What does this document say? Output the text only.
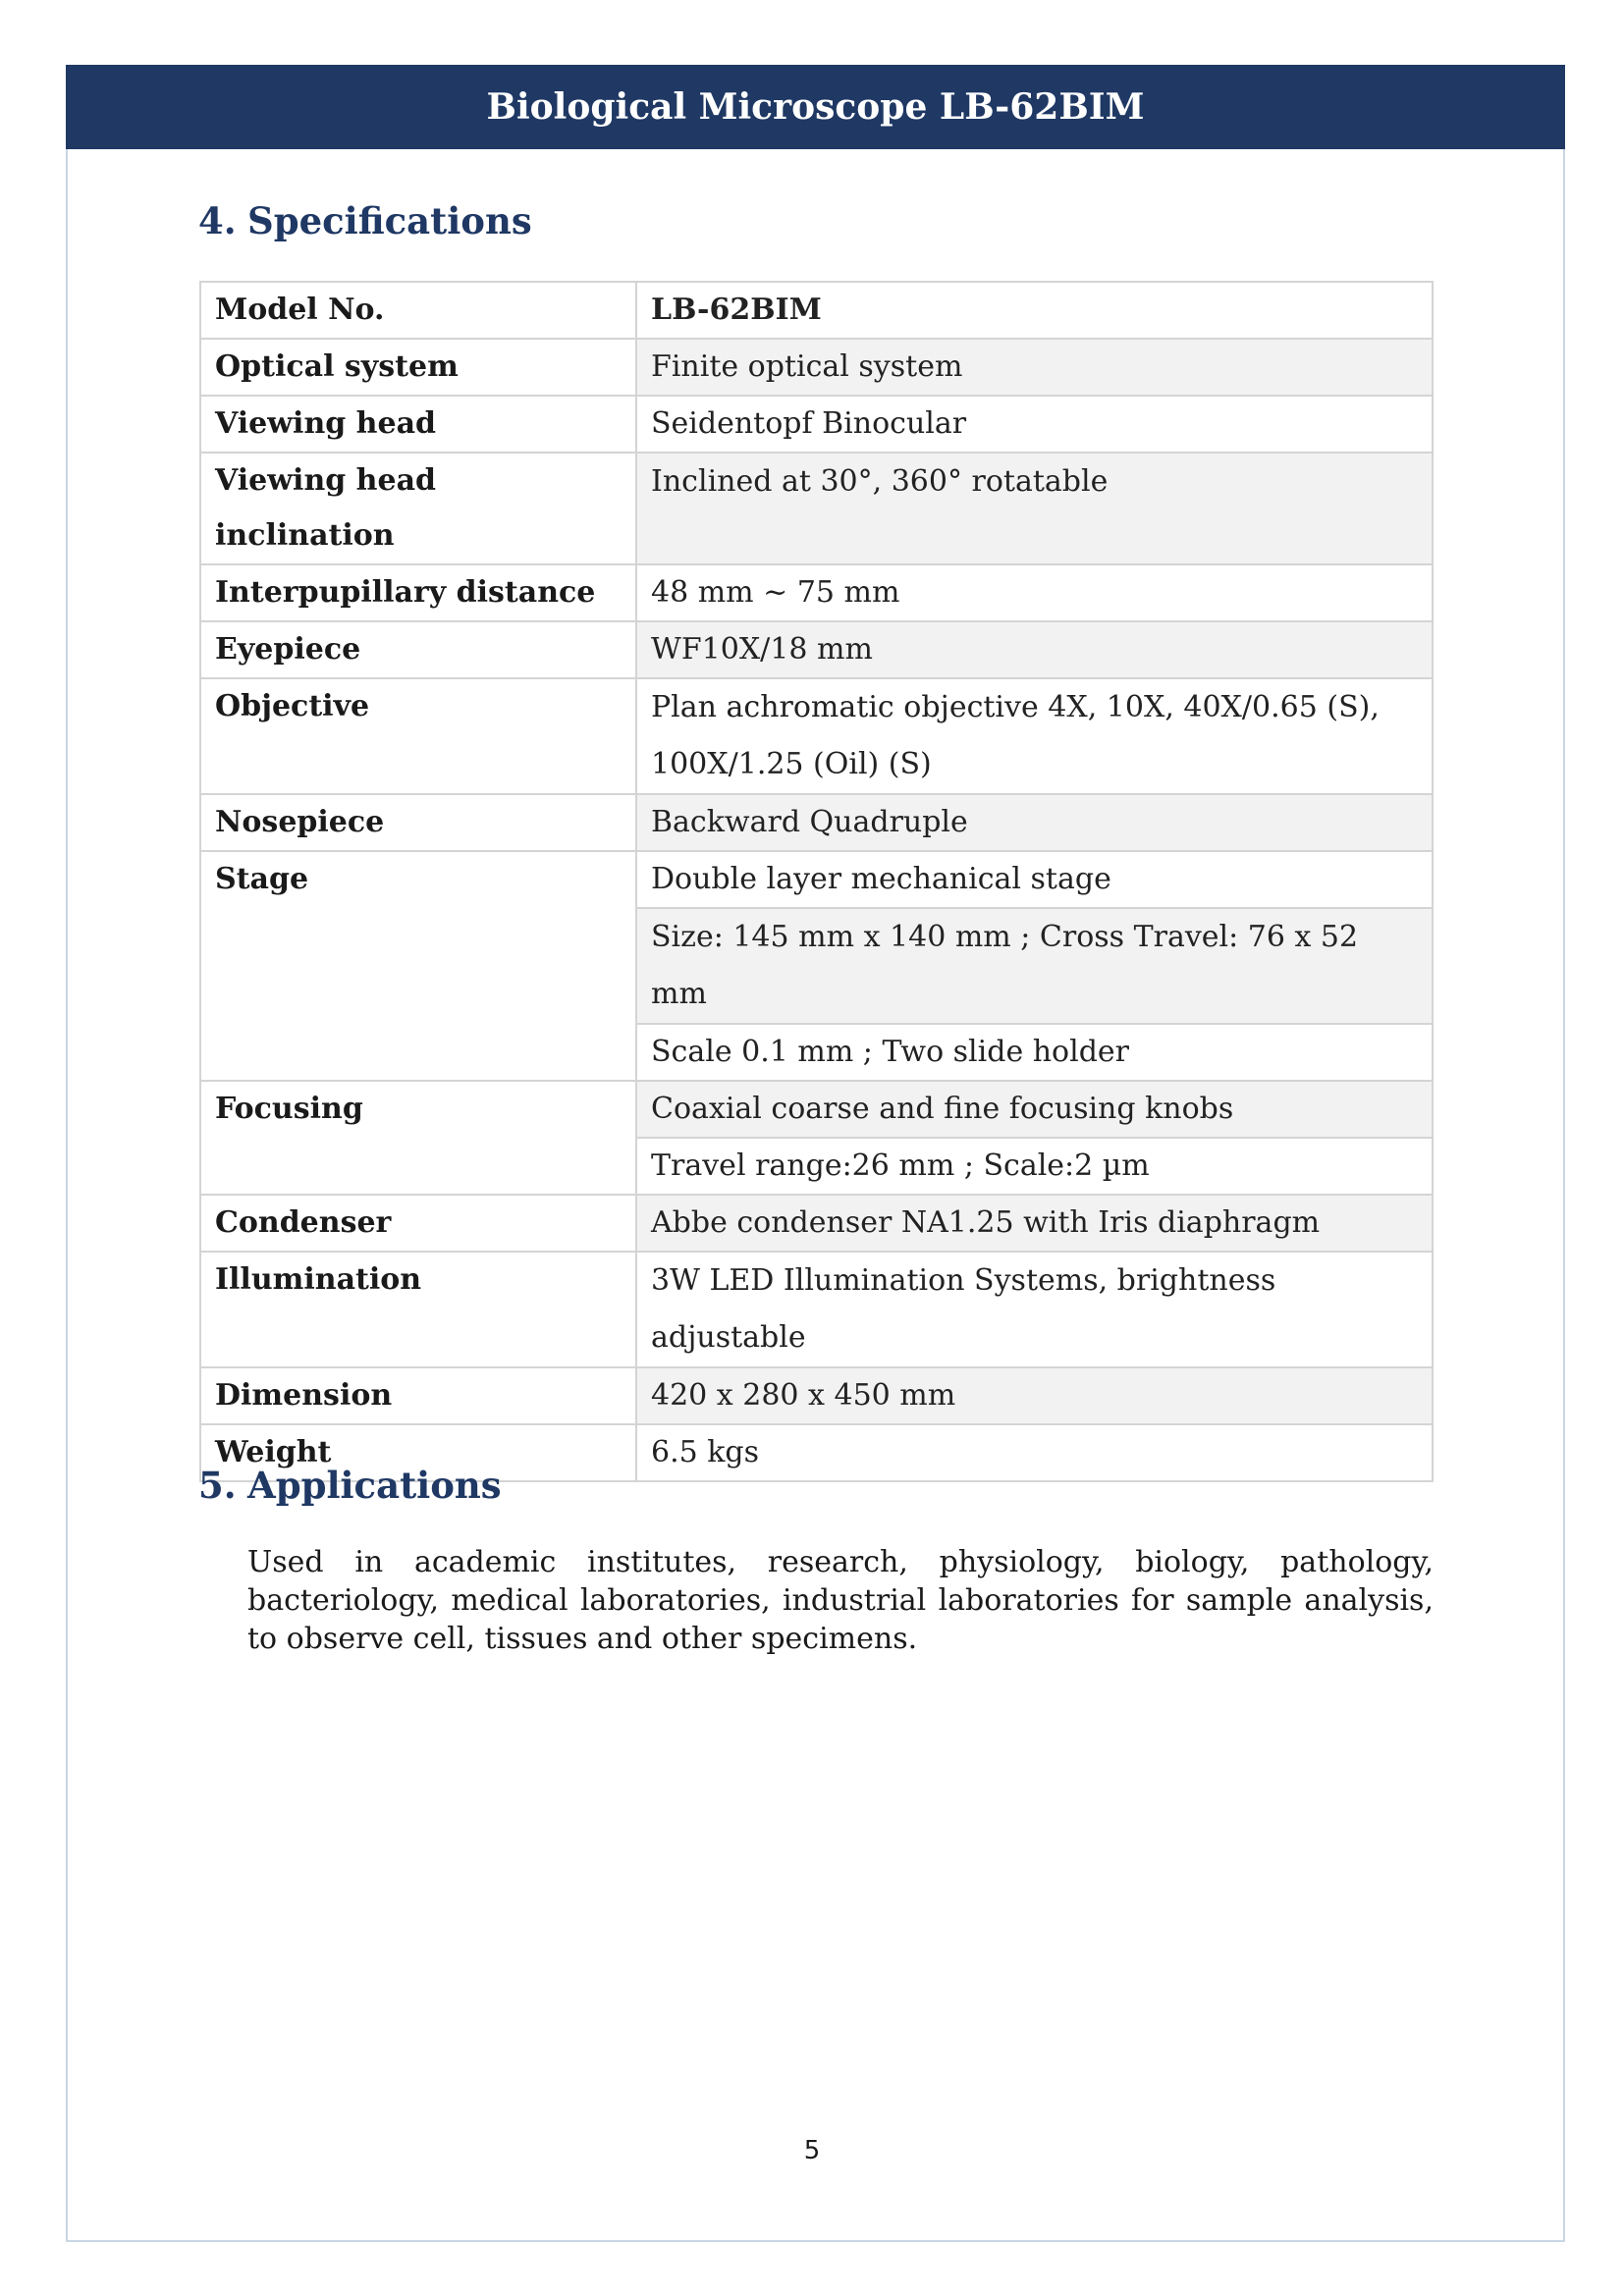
Biological Microscope LB-62BIM
4. Specifications
Model No.	LB-62BIM
Optical system	Finite optical system
Viewing head	Seidentopf Binocular
Viewing head inclination	Inclined at 30°, 360° rotatable
Interpupillary distance	48 mm ~ 75 mm
Eyepiece	WF10X/18 mm
Objective	Plan achromatic objective 4X, 10X, 40X/0.65 (S), 100X/1.25 (Oil) (S)
Nosepiece	Backward Quadruple
Stage	Double layer mechanical stage
	Size: 145 mm x 140 mm ; Cross Travel: 76 x 52 mm
	Scale 0.1 mm ; Two slide holder
Focusing	Coaxial coarse and fine focusing knobs
	Travel range:26 mm ; Scale:2 µm
Condenser	Abbe condenser NA1.25 with Iris diaphragm
Illumination	3W LED Illumination Systems, brightness adjustable
Dimension	420 x 280 x 450 mm
Weight	6.5 kgs
5. Applications

Used in academic institutes, research, physiology, biology, pathology, bacteriology, medical laboratories, industrial laboratories for sample analysis, to observe cell, tissues and other specimens.

5
